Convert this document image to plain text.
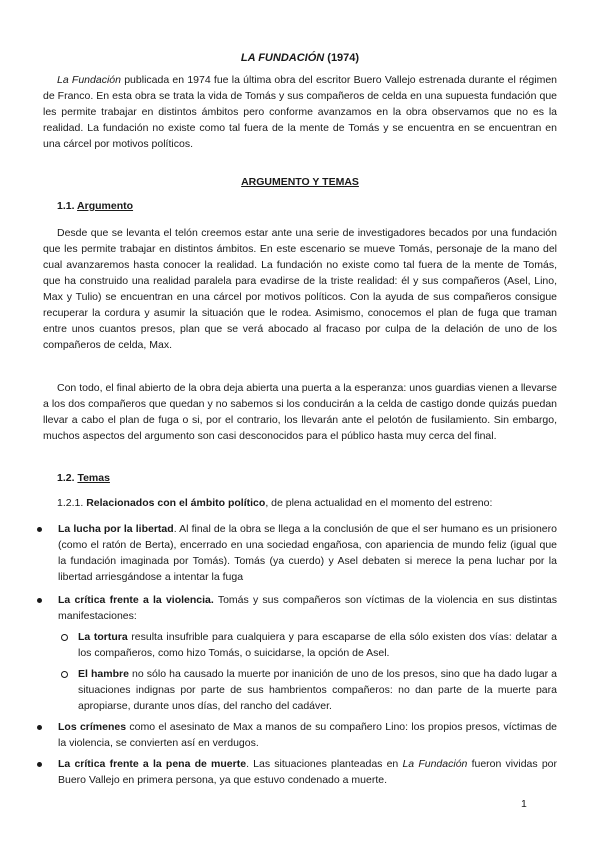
LA FUNDACIÓN (1974)

La Fundación publicada en 1974 fue la última obra del escritor Buero Vallejo estrenada durante el régimen de Franco. En esta obra se trata la vida de Tomás y sus compañeros de celda en una supuesta fundación que les permite trabajar en distintos ámbitos pero conforme avanzamos en la obra observamos que no es la realidad. La fundación no existe como tal fuera de la mente de Tomás y se encuentra en se encuentran en una cárcel por motivos políticos.

ARGUMENTO Y TEMAS
1.1. Argumento

Desde que se levanta el telón creemos estar ante una serie de investigadores becados por una fundación que les permite trabajar en distintos ámbitos. En este escenario se mueve Tomás, personaje de la mano del cual avanzaremos hasta conocer la realidad. La fundación no existe como tal fuera de la mente de Tomás, que ha construido una realidad paralela para evadirse de la triste realidad: él y sus compañeros (Asel, Lino, Max y Tulio) se encuentran en una cárcel por motivos políticos. Con la ayuda de sus compañeros consigue recuperar la cordura y asumir la situación que le rodea. Asimismo, conocemos el plan de fuga que traman entre unos cuantos presos, plan que se verá abocado al fracaso por culpa de la delación de uno de los compañeros de celda, Max.

Con todo, el final abierto de la obra deja abierta una puerta a la esperanza: unos guardias vienen a llevarse a los dos compañeros que quedan y no sabemos si los conducirán a la celda de castigo donde quizás puedan llevar a cabo el plan de fuga o si, por el contrario, los llevarán ante el pelotón de fusilamiento. Sin embargo, muchos aspectos del argumento son casi desconocidos para el público hasta muy cerca del final.

1.2. Temas
1.2.1. Relacionados con el ámbito político, de plena actualidad en el momento del estreno:

La lucha por la libertad. Al final de la obra se llega a la conclusión de que el ser humano es un prisionero (como el ratón de Berta), encerrado en una sociedad engañosa, con apariencia de mundo feliz (igual que la fundación imaginada por Tomás). Tomás (ya cuerdo) y Asel debaten si merece la pena luchar por la libertad arriesgándose a intentar la fuga

La crítica frente a la violencia. Tomás y sus compañeros son víctimas de la violencia en sus distintas manifestaciones:

La tortura resulta insufrible para cualquiera y para escaparse de ella sólo existen dos vías: delatar a los compañeros, como hizo Tomás, o suicidarse, la opción de Asel.

El hambre no sólo ha causado la muerte por inanición de uno de los presos, sino que ha dado lugar a situaciones indignas por parte de sus hambrientos compañeros: no dan parte de la muerte para apropiarse, durante unos días, del rancho del cadáver.

Los crímenes como el asesinato de Max a manos de su compañero Lino: los propios presos, víctimas de la violencia, se convierten así en verdugos.

La crítica frente a la pena de muerte. Las situaciones planteadas en La Fundación fueron vividas por Buero Vallejo en primera persona, ya que estuvo condenado a muerte.

1
